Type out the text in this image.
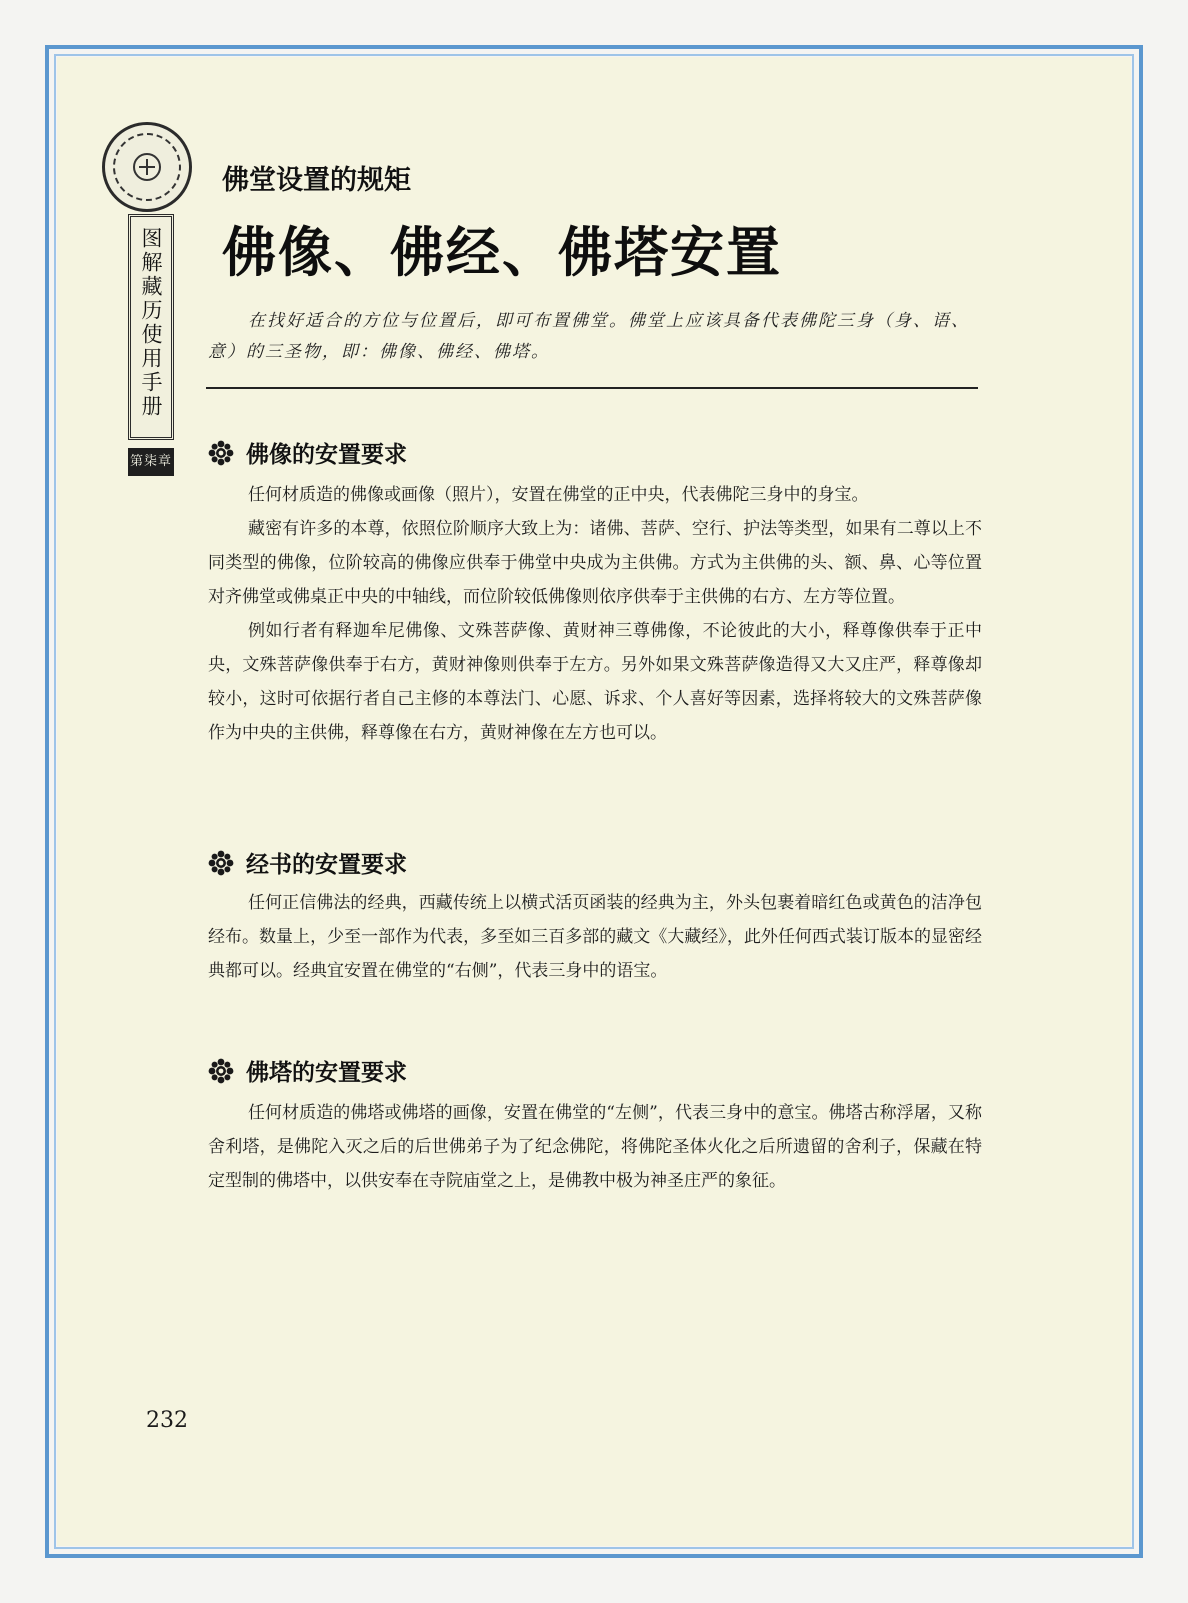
图解藏历使用手册
第柒章
佛堂设置的规矩
佛像、佛经、佛塔安置
在找好适合的方位与位置后，即可布置佛堂。佛堂上应该具备代表佛陀三身（身、语、意）的三圣物，即：佛像、佛经、佛塔。
佛像的安置要求

任何材质造的佛像或画像（照片），安置在佛堂的正中央，代表佛陀三身中的身宝。

藏密有许多的本尊，依照位阶顺序大致上为：诸佛、菩萨、空行、护法等类型，如果有二尊以上不同类型的佛像，位阶较高的佛像应供奉于佛堂中央成为主供佛。方式为主供佛的头、额、鼻、心等位置对齐佛堂或佛桌正中央的中轴线，而位阶较低佛像则依序供奉于主供佛的右方、左方等位置。

例如行者有释迦牟尼佛像、文殊菩萨像、黄财神三尊佛像，不论彼此的大小，释尊像供奉于正中央，文殊菩萨像供奉于右方，黄财神像则供奉于左方。另外如果文殊菩萨像造得又大又庄严，释尊像却较小，这时可依据行者自己主修的本尊法门、心愿、诉求、个人喜好等因素，选择将较大的文殊菩萨像作为中央的主供佛，释尊像在右方，黄财神像在左方也可以。

经书的安置要求

任何正信佛法的经典，西藏传统上以横式活页函装的经典为主，外头包裹着暗红色或黄色的洁净包经布。数量上，少至一部作为代表，多至如三百多部的藏文《大藏经》，此外任何西式装订版本的显密经典都可以。经典宜安置在佛堂的“右侧”，代表三身中的语宝。

佛塔的安置要求

任何材质造的佛塔或佛塔的画像，安置在佛堂的“左侧”，代表三身中的意宝。佛塔古称浮屠，又称舍利塔，是佛陀入灭之后的后世佛弟子为了纪念佛陀，将佛陀圣体火化之后所遗留的舍利子，保藏在特定型制的佛塔中，以供安奉在寺院庙堂之上，是佛教中极为神圣庄严的象征。

232
